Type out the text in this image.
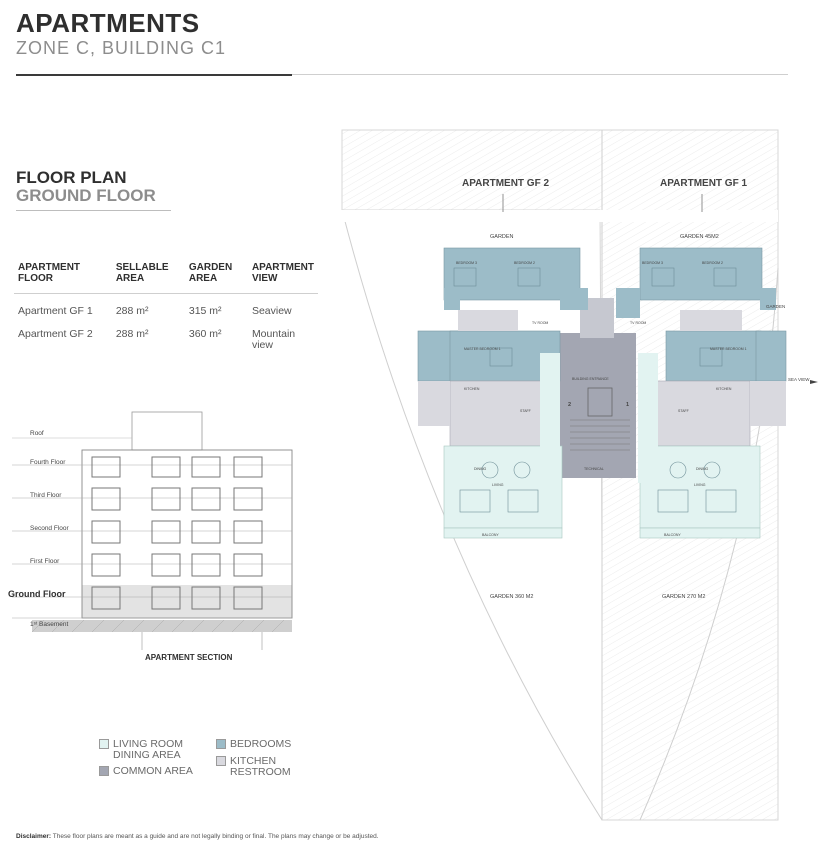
APARTMENTS
ZONE C, BUILDING C1
FLOOR PLAN
GROUND FLOOR
APARTMENT FLOOR	SELLABLE AREA	GARDEN AREA	APARTMENT VIEW
Apartment GF 1	288 m²	315 m²	Seaview
Apartment GF 2	288 m²	360 m²	Mountain view
Roof
Fourth Floor
Third Floor
Second Floor
First Floor
Ground Floor
1ˢᵗ Basement
APARTMENT SECTION
LIVING ROOM DINING AREA
COMMON AREA
BEDROOMS
KITCHEN RESTROOM
APARTMENT GF 2	APARTMENT GF 1
GARDEN	GARDEN 45M2
GARDEN 360 M2	GARDEN 270 M2
GARDEN
SEA VIEW
2	1
BUILDING ENTRANCE
TECHNICAL
LIVING	LIVING
DINING	DINING
KITCHEN	KITCHEN
MASTER BEDROOM 1	MASTER BEDROOM 1
BEDROOM 3	BEDROOM 2	BEDROOM 3	BEDROOM 2
BALCONY	BALCONY
TV ROOM	TV ROOM
STAFF	STAFF
Disclaimer: These floor plans are meant as a guide and are not legally binding or final. The plans may change or be adjusted.
